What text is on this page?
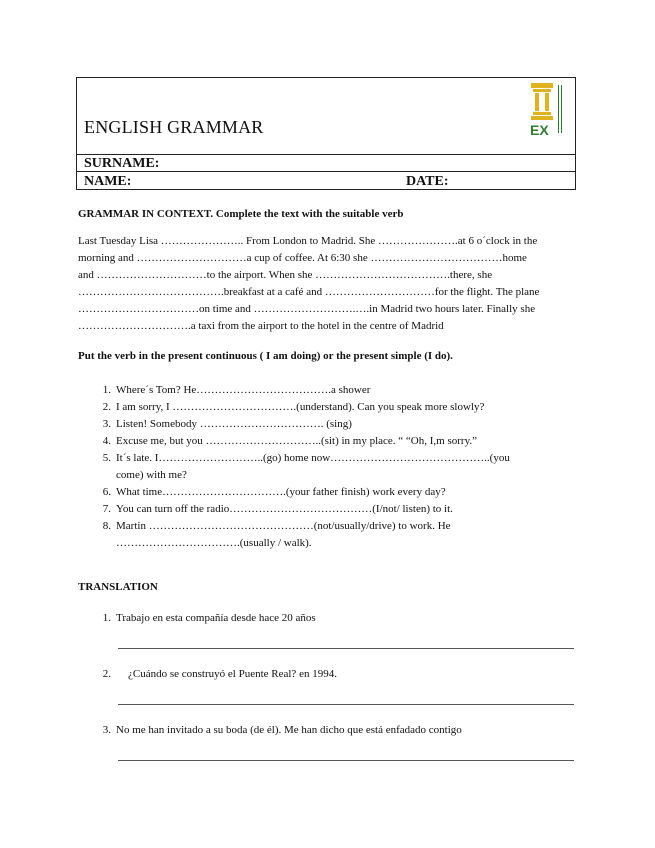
ENGLISH GRAMMAR	EX
SURNAME:
NAME:	DATE:
GRAMMAR IN CONTEXT. Complete the text with the suitable verb
Last Tuesday Lisa ………………….. From London to Madrid. She ………………….at 6 o´clock in the
morning and …………………………a cup of coffee. At 6:30 she ………………………………home
and …………………………to the airport. When she ……………………………….there, she
………………………………….breakfast at a café and …………………………for the flight. The plane
……………………………on time and ……………………….….in Madrid two hours later. Finally she
………………………….a taxi from the airport to the hotel in the centre of Madrid
Put the verb in the present continuous ( I am doing) or the present simple (I do).
1. Where´s Tom? He……………………………….a shower
2. I am sorry, I …………………………….(understand). Can you speak more slowly?
3. Listen! Somebody ……………………………. (sing)
4. Excuse me, but you …………………………..(sit) in my place. “ “Oh, I,m sorry.”
5. It´s late. I………………………..(go) home now……………………………………..(you
come) with me?
6. What time…………………………….(your father finish) work every day?
7. You can turn off the radio…………………………………(I/not/ listen) to it.
8. Martin ………………………………………(not/usually/drive) to work. He
…………………………….(usually / walk).
TRANSLATION
1. Trabajo en esta compañía desde hace 20 años
2. ¿Cuándo se construyó el Puente Real? en 1994.
3. No me han invitado a su boda (de él). Me han dicho que está enfadado contigo
